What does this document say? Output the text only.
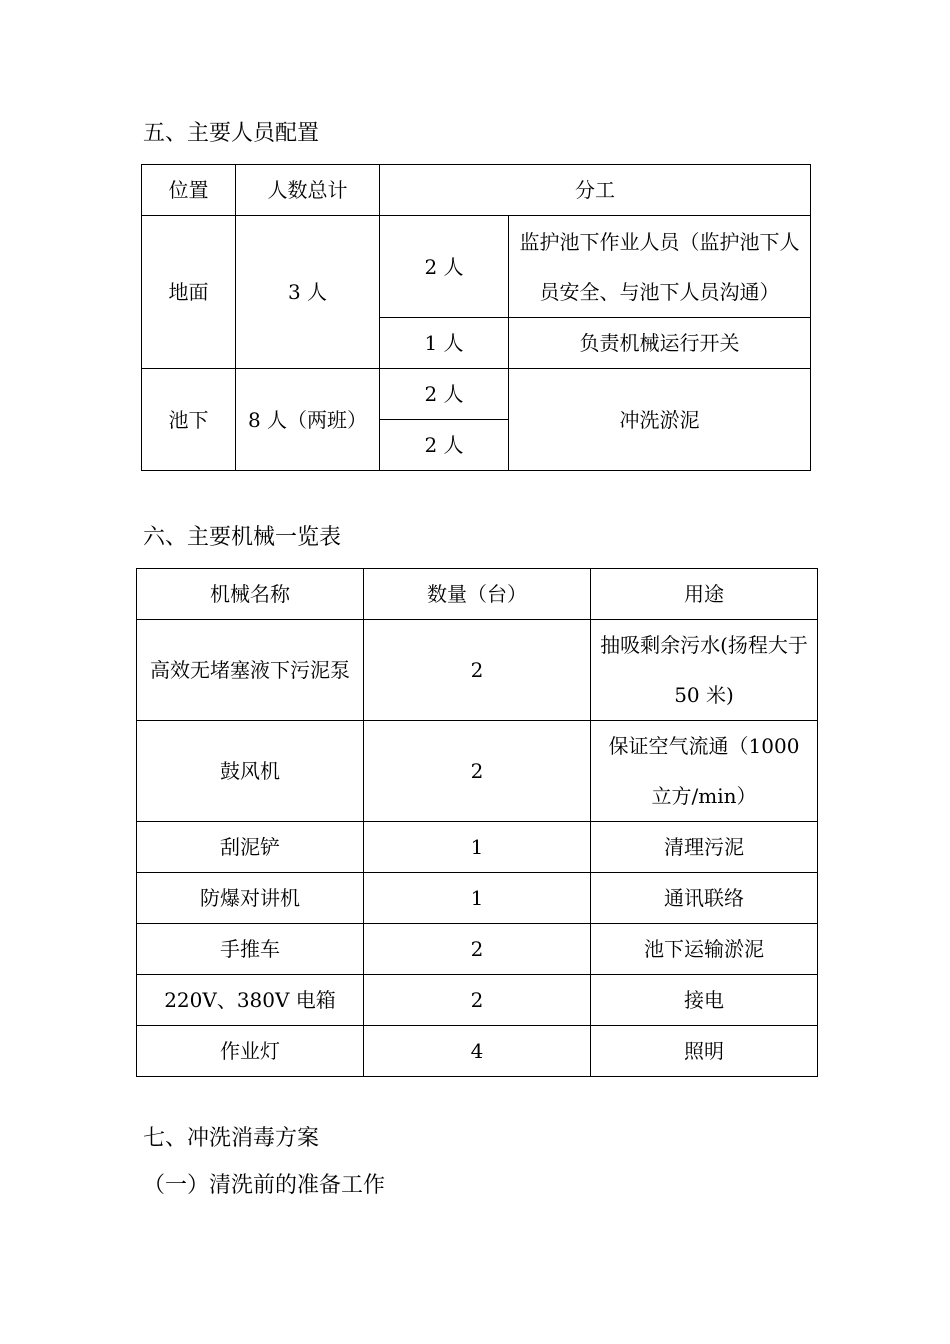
五、主要人员配置
位置	人数总计	分工	
地面	3 人	2 人	监护池下作业人员（监护池下人员安全、与池下人员沟通）
		1 人	负责机械运行开关
池下	8 人（两班）	2 人	冲洗淤泥
		2 人	
六、主要机械一览表
机械名称	数量（台）	用途
高效无堵塞液下污泥泵	2	抽吸剩余污水(扬程大于 50 米)
鼓风机	2	保证空气流通（1000 立方/min）
刮泥铲	1	清理污泥
防爆对讲机	1	通讯联络
手推车	2	池下运输淤泥
220V、380V 电箱	2	接电
作业灯	4	照明
七、冲洗消毒方案
（一）清洗前的准备工作
